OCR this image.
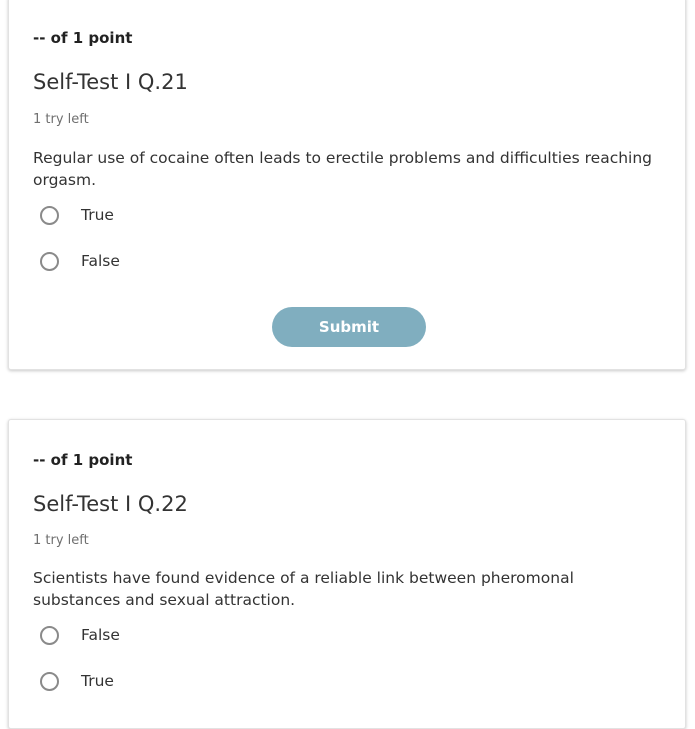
-- of 1 point
Self-Test I Q.21
1 try left
Regular use of cocaine often leads to erectile problems and difficulties reaching orgasm.
True
False
Submit
-- of 1 point
Self-Test I Q.22
1 try left
Scientists have found evidence of a reliable link between pheromonal substances and sexual attraction.
False
True
